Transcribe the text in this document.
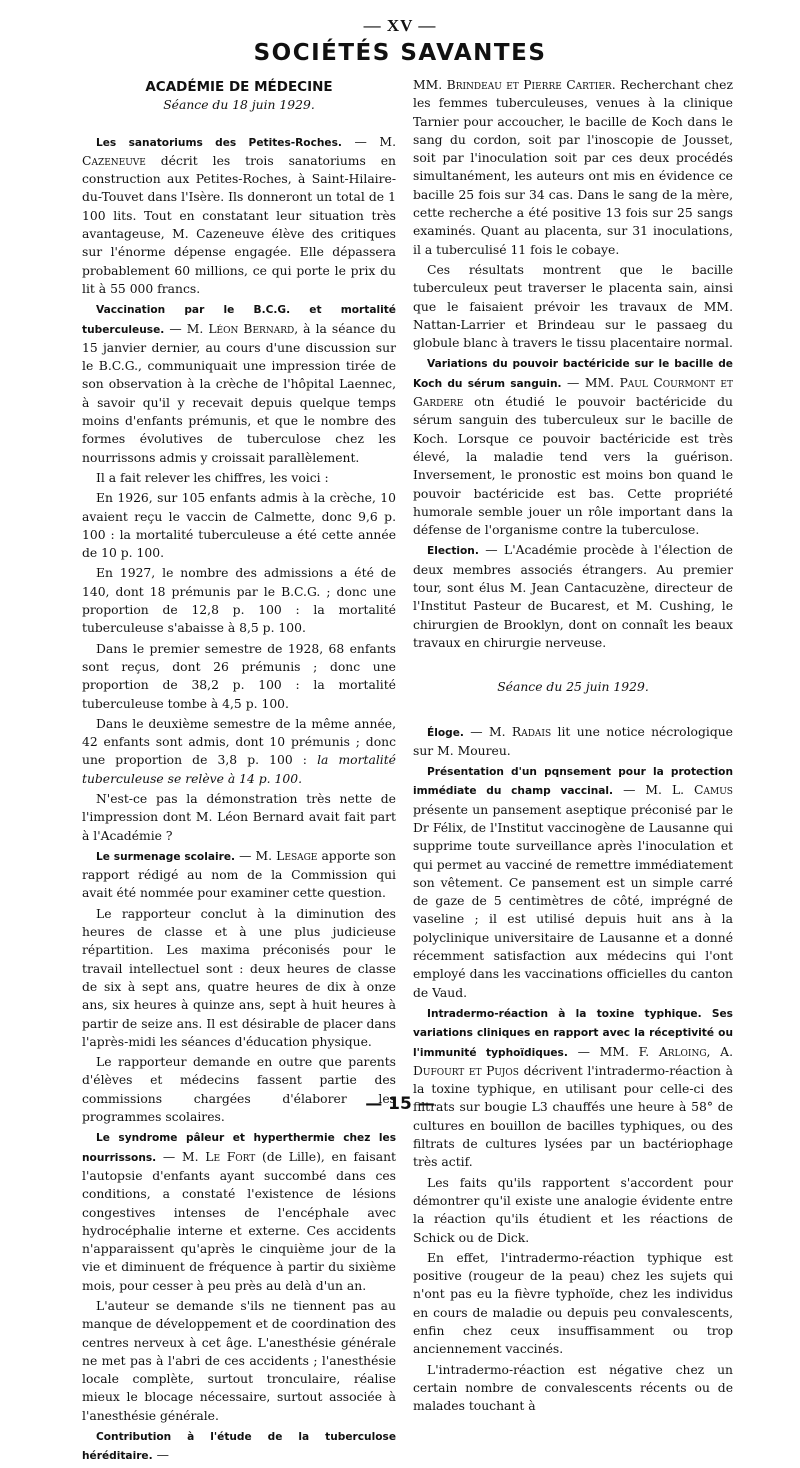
— XV —
SOCIÉTÉS SAVANTES
ACADÉMIE DE MÉDECINE
Séance du 18 juin 1929.

Les sanatoriums des Petites-Roches. — M. Cazeneuve décrit les trois sanatoriums en construction aux Petites-Roches, à Saint-Hilaire-du-Touvet dans l'Isère. Ils donneront un total de 1 100 lits. Tout en constatant leur situation très avantageuse, M. Cazeneuve élève des critiques sur l'énorme dépense engagée. Elle dépassera probablement 60 millions, ce qui porte le prix du lit à 55 000 francs.

Vaccination par le B.C.G. et mortalité tuberculeuse. — M. Léon Bernard, à la séance du 15 janvier dernier, au cours d'une discussion sur le B.C.G., communiquait une impression tirée de son observation à la crèche de l'hôpital Laennec, à savoir qu'il y recevait depuis quelque temps moins d'enfants prémunis, et que le nombre des formes évolutives de tuberculose chez les nourrissons admis y croissait parallèlement.

Il a fait relever les chiffres, les voici :

En 1926, sur 105 enfants admis à la crèche, 10 avaient reçu le vaccin de Calmette, donc 9,6 p. 100 : la mortalité tuberculeuse a été cette année de 10 p. 100.

En 1927, le nombre des admissions a été de 140, dont 18 prémunis par le B.C.G. ; donc une proportion de 12,8 p. 100 : la mortalité tuberculeuse s'abaisse à 8,5 p. 100.

Dans le premier semestre de 1928, 68 enfants sont reçus, dont 26 prémunis ; donc une proportion de 38,2 p. 100 : la mortalité tuberculeuse tombe à 4,5 p. 100.

Dans le deuxième semestre de la même année, 42 enfants sont admis, dont 10 prémunis ; donc une proportion de 3,8 p. 100 : la mortalité tuberculeuse se relève à 14 p. 100.

N'est-ce pas la démonstration très nette de l'impression dont M. Léon Bernard avait fait part à l'Académie ?

Le surmenage scolaire. — M. Lesage apporte son rapport rédigé au nom de la Commission qui avait été nommée pour examiner cette question.

Le rapporteur conclut à la diminution des heures de classe et à une plus judicieuse répartition. Les maxima préconisés pour le travail intellectuel sont : deux heures de classe de six à sept ans, quatre heures de dix à onze ans, six heures à quinze ans, sept à huit heures à partir de seize ans. Il est désirable de placer dans l'après-midi les séances d'éducation physique.

Le rapporteur demande en outre que parents d'élèves et médecins fassent partie des commissions chargées d'élaborer les programmes scolaires.

Le syndrome pâleur et hyperthermie chez les nourrissons. — M. Le Fort (de Lille), en faisant l'autopsie d'enfants ayant succombé dans ces conditions, a constaté l'existence de lésions congestives intenses de l'encéphale avec hydrocéphalie interne et externe. Ces accidents n'apparaissent qu'après le cinquième jour de la vie et diminuent de fréquence à partir du sixième mois, pour cesser à peu près au delà d'un an.

L'auteur se demande s'ils ne tiennent pas au manque de développement et de coordination des centres nerveux à cet âge. L'anesthésie générale ne met pas à l'abri de ces accidents ; l'anesthésie locale complète, surtout tronculaire, réalise mieux le blocage nécessaire, surtout associée à l'anesthésie générale.

Contribution à l'étude de la tuberculose héréditaire. —

MM. Brindeau et Pierre Cartier. Recherchant chez les femmes tuberculeuses, venues à la clinique Tarnier pour accoucher, le bacille de Koch dans le sang du cordon, soit par l'inoscopie de Jousset, soit par l'inoculation soit par ces deux procédés simultanément, les auteurs ont mis en évidence ce bacille 25 fois sur 34 cas. Dans le sang de la mère, cette recherche a été positive 13 fois sur 25 sangs examinés. Quant au placenta, sur 31 inoculations, il a tuberculisé 11 fois le cobaye.

Ces résultats montrent que le bacille tuberculeux peut traverser le placenta sain, ainsi que le faisaient prévoir les travaux de MM. Nattan-Larrier et Brindeau sur le passaeg du globule blanc à travers le tissu placentaire normal.

Variations du pouvoir bactéricide sur le bacille de Koch du sérum sanguin. — MM. Paul Courmont et Gardere otn étudié le pouvoir bactéricide du sérum sanguin des tuberculeux sur le bacille de Koch. Lorsque ce pouvoir bactéricide est très élevé, la maladie tend vers la guérison. Inversement, le pronostic est moins bon quand le pouvoir bactéricide est bas. Cette propriété humorale semble jouer un rôle important dans la défense de l'organisme contre la tuberculose.

Election. — L'Académie procède à l'élection de deux membres associés étrangers. Au premier tour, sont élus M. Jean Cantacuzène, directeur de l'Institut Pasteur de Bucarest, et M. Cushing, le chirurgien de Brooklyn, dont on connaît les beaux travaux en chirurgie nerveuse.

Séance du 25 juin 1929.

Éloge. — M. Radais lit une notice nécrologique sur M. Moureu.

Présentation d'un pqnsement pour la protection immédiate du champ vaccinal. — M. L. Camus présente un pansement aseptique préconisé par le Dr Félix, de l'Institut vaccinogène de Lausanne qui supprime toute surveillance après l'inoculation et qui permet au vacciné de remettre immédiatement son vêtement. Ce pansement est un simple carré de gaze de 5 centimètres de côté, imprégné de vaseline ; il est utilisé depuis huit ans à la polyclinique universitaire de Lausanne et a donné récemment satisfaction aux médecins qui l'ont employé dans les vaccinations officielles du canton de Vaud.

Intradermo-réaction à la toxine typhique. Ses variations cliniques en rapport avec la réceptivité ou l'immunité typhoïdiques. — MM. F. Arloing, A. Dufourt et Pujos décrivent l'intradermo-réaction à la toxine typhique, en utilisant pour celle-ci des filtrats sur bougie L3 chauffés une heure à 58° de cultures en bouillon de bacilles typhiques, ou des filtrats de cultures lysées par un bactériophage très actif.

Les faits qu'ils rapportent s'accordent pour démontrer qu'il existe une analogie évidente entre la réaction qu'ils étudient et les réactions de Schick ou de Dick.

En effet, l'intradermo-réaction typhique est positive (rougeur de la peau) chez les sujets qui n'ont pas eu la fièvre typhoïde, chez les individus en cours de maladie ou depuis peu convalescents, enfin chez ceux insuffisamment ou trop anciennement vaccinés.

L'intradermo-réaction est négative chez un certain nombre de convalescents récents ou de malades touchant à

— 15 —
